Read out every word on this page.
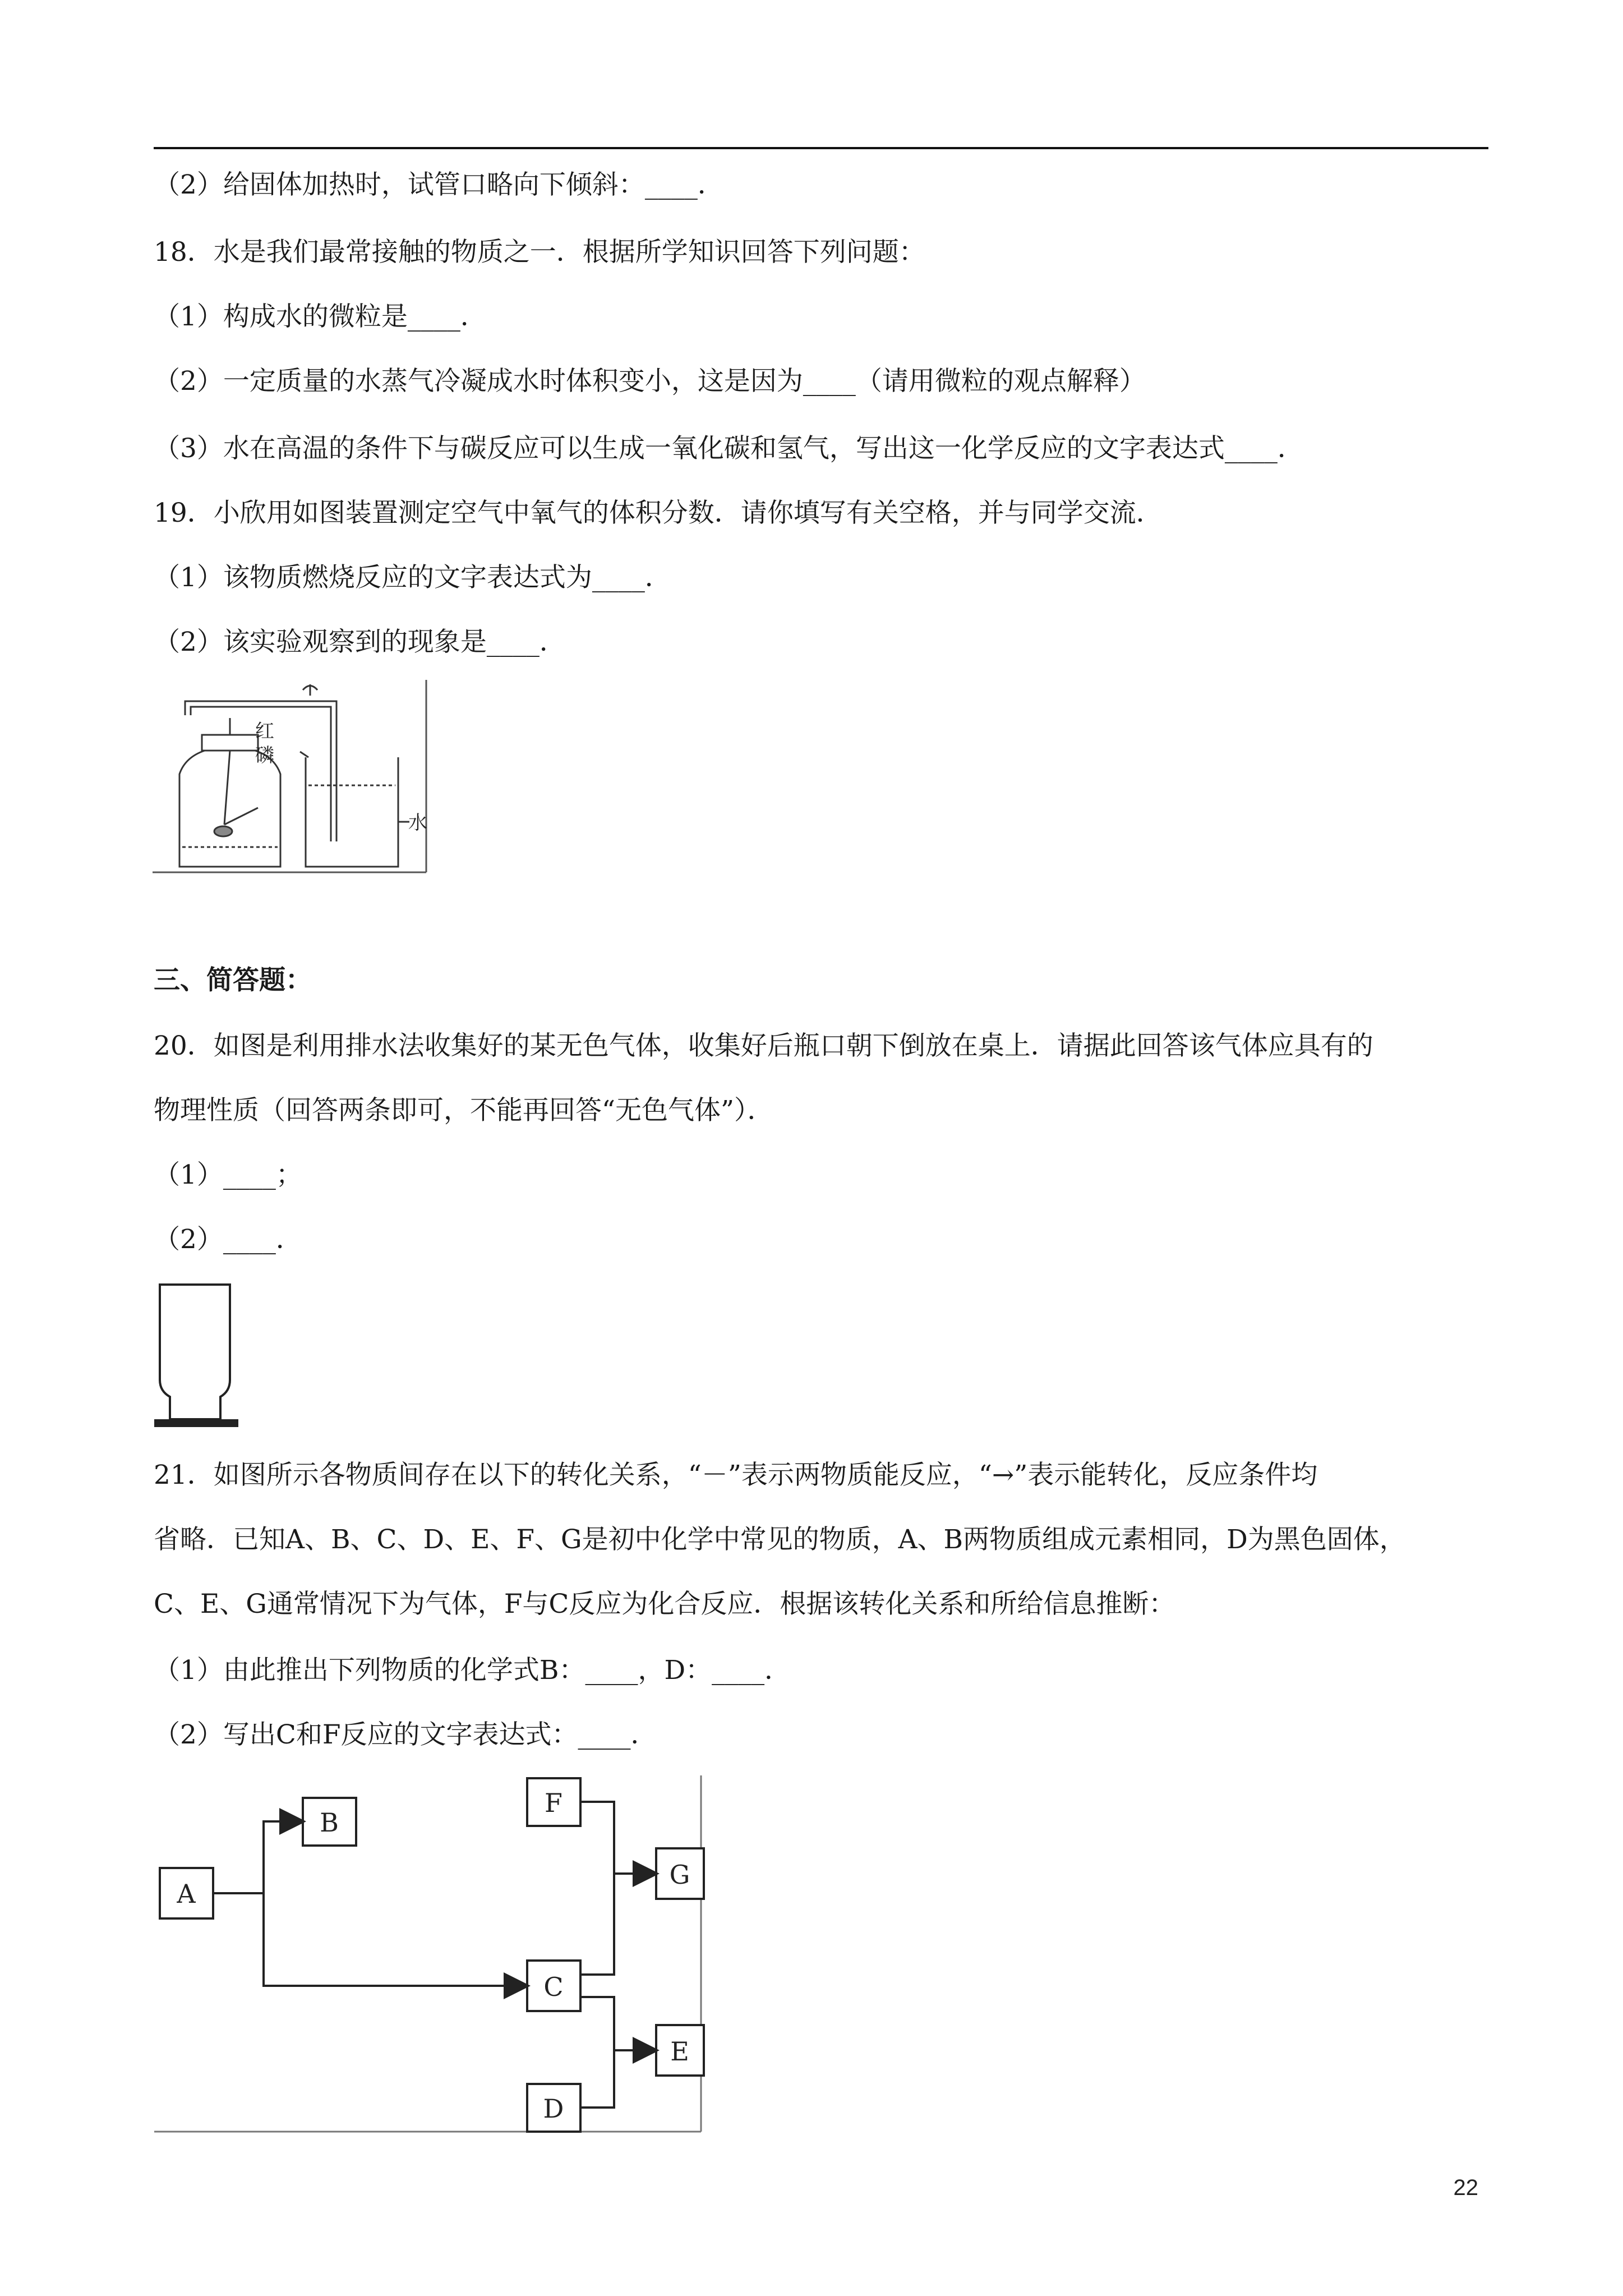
（2）给固体加热时，试管口略向下倾斜：____．
18．水是我们最常接触的物质之一．根据所学知识回答下列问题：
（1）构成水的微粒是____．
（2）一定质量的水蒸气冷凝成水时体积变小，这是因为____（请用微粒的观点解释）
（3）水在高温的条件下与碳反应可以生成一氧化碳和氢气，写出这一化学反应的文字表达式____．
19．小欣用如图装置测定空气中氧气的体积分数．请你填写有关空格，并与同学交流．
（1）该物质燃烧反应的文字表达式为____．
（2）该实验观察到的现象是____．
红
磷
水
三、简答题：
20．如图是利用排水法收集好的某无色气体，收集好后瓶口朝下倒放在桌上．请据此回答该气体应具有的
物理性质（回答两条即可，不能再回答“无色气体”）．
（1）____；
（2）____．
21．如图所示各物质间存在以下的转化关系，“－”表示两物质能反应，“→”表示能转化，反应条件均
省略．已知A、B、C、D、E、F、G是初中化学中常见的物质，A、B两物质组成元素相同，D为黑色固体，
C、E、G通常情况下为气体，F与C反应为化合反应．根据该转化关系和所给信息推断：
（1）由此推出下列物质的化学式B：____，D：____．
（2）写出C和F反应的文字表达式：____．
A
B
F
G
C
E
D
22
